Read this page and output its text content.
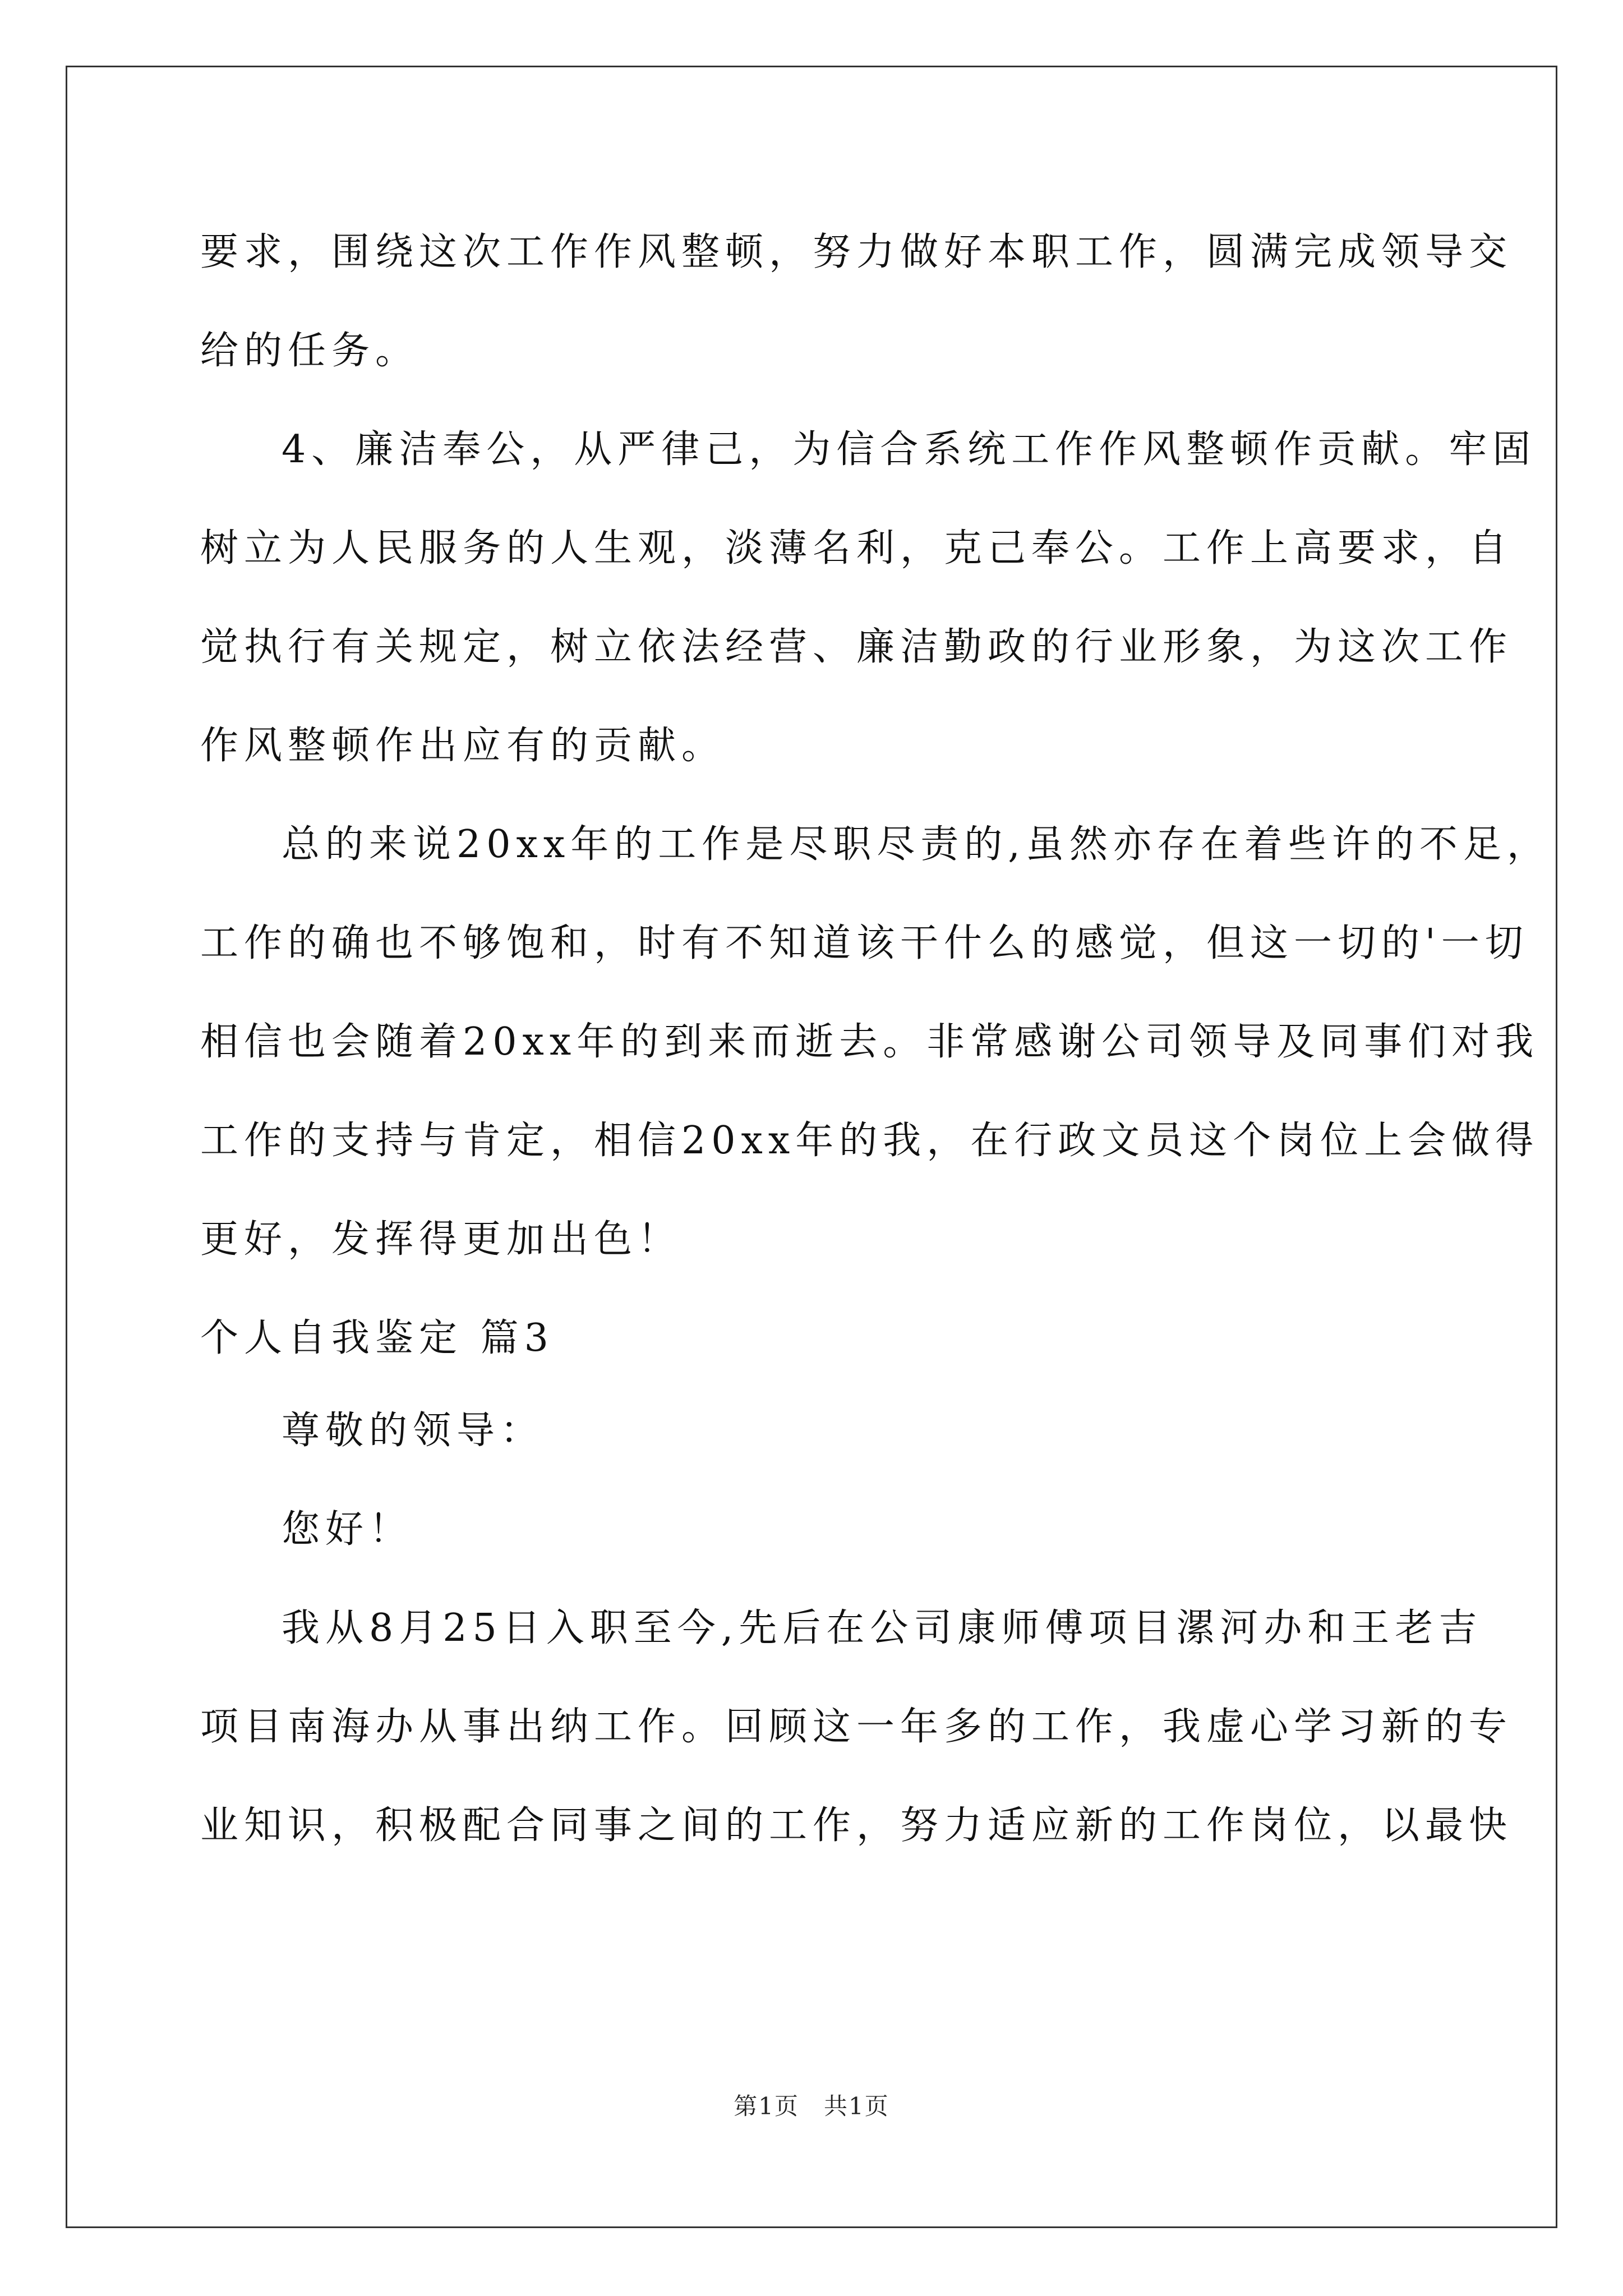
要求，围绕这次工作作风整顿，努力做好本职工作，圆满完成领导交
给的任务。
4、廉洁奉公，从严律己，为信合系统工作作风整顿作贡献。牢固
树立为人民服务的人生观，淡薄名利，克己奉公。工作上高要求，自
觉执行有关规定，树立依法经营、廉洁勤政的行业形象，为这次工作
作风整顿作出应有的贡献。
总的来说20xx年的工作是尽职尽责的,虽然亦存在着些许的不足，
工作的确也不够饱和，时有不知道该干什么的感觉，但这一切的'一切
相信也会随着20xx年的到来而逝去。非常感谢公司领导及同事们对我
工作的支持与肯定，相信20xx年的我，在行政文员这个岗位上会做得
更好，发挥得更加出色！
个人自我鉴定 篇3
尊敬的领导：
您好！
我从8月25日入职至今,先后在公司康师傅项目漯河办和王老吉
项目南海办从事出纳工作。回顾这一年多的工作，我虚心学习新的专
业知识，积极配合同事之间的工作，努力适应新的工作岗位，以最快
第1页　共1页
